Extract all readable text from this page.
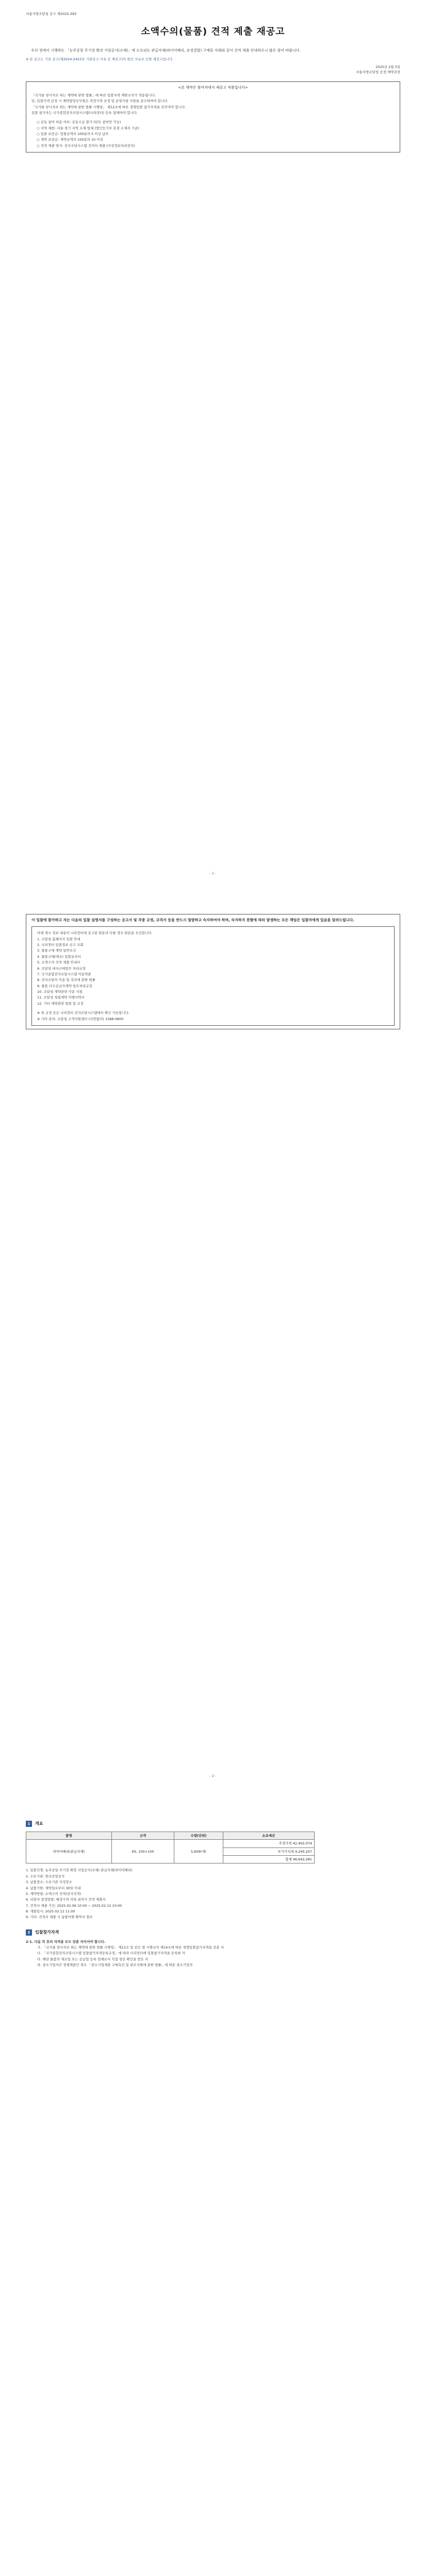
서울지방조달청 공고 제2025-393
소액수의(물품) 견적 제출 재공고
우리 청에서 시행하는 「농주공항 주기장 확장 사업공사(조체)」에 소요되는 관급자재(파이어베리, 송정결합) 구매를 아래와 같이 견적 제출 안내하오니 많은 참여 바랍니다.
※ 본 공고는 기존 공고(제2024-2453호 기관공고 사유 등 재공고)의 원인 사유로 인한 재공고입니다.
2025년 2월 5일
서울지방조달청 공정·계약과장
<본 계약은 참여자에서 재공고 적용입니다>
「국가를 당사자로 하는 계약에 관한 법률」에 따른 입찰자격 제한조치가 적용됩니다.
단, 입찰가격 산정 시 계약담당공무원은 적정가격 산정 및 운영사항 사항을 준수하여야 합니다.
「국가를 당사자로 하는 계약에 관한 법률 시행령」 제12조에 따른 경쟁입찰 참가자격을 갖추어야 합니다.
입찰 참가자는 국가종합전자조달시스템(나라장터) 등록 업체여야 합니다.
○ 공동 참여 허용 여부: 공동수급 불가 (단독 참여만 가능)
○ 지역 제한: 서울·경기 지역 소재 업체 (법인등기부 본점 소재지 기준)
○ 입찰 보증금: 입찰금액의 100분의 5 이상 납부
○ 계약 보증금: 계약금액의 100분의 10 이상
○ 견적 제출 방식: 전자조달시스템 견적서 제출 (지정정보처리장치)
- 1 -
이 입찰에 참가하고 자는 다음의 입찰 설명서를 구성하는 공고서 및 각종 규정, 규격서 등을 반드시 열람하고 숙지하여야 하며, 숙지하지 못함에 따라 발생하는 모든 책임은 입찰자에게 있음을 알려드립니다.
아래 게시 정보 내용이 나라장터에 공고된 원문과 다를 경우 원문을 우선합니다.
1. 조달청 홈페이지 입찰 안내
2. 나라장터 입찰정보 공고 조회
3. 물품구매 계약 일반조건
4. 물품구매(제조) 입찰유의서
5. 소액수의 견적 제출 안내서
6. 조달청 내자구매업무 처리규정
7. 국가종합전자조달시스템 이용약관
8. 전자조달의 이용 및 촉진에 관한 법률
9. 물품 다수공급자계약 업무처리규정
10. 조달청 계약관련 각종 지침
11. 조달청 청렴계약 이행서약서
12. 기타 계약관련 법령 및 규정
※ 위 규정 등은 나라장터 전자조달시스템에서 확인 가능합니다.
※ 기타 문의: 조달청 고객지원센터 (국번없이) 1588-0800
- 2 -
1	개요
품명	규격	수량(단위)	소요예산
파이어베리(관급자재)	KS, 100×150	5,659(개)	추정가격 42,402,074
			부가가치세 4,240,207
			합계 46,642,281
1. 입찰건명: 농주공항 주기장 확장 사업공사(조체) 관급자재(파이어베리)
2. 수요기관: 한국공항공사
3. 납품장소: 수요기관 지정장소
4. 납품기한: 계약일로부터 30일 이내
5. 계약방법: 소액수의 견적(전자견적)
6. 낙찰자 결정방법: 예정가격 이하 최저가 견적 제출자
7. 견적서 제출 기간: 2025.02.06 10:00 ~ 2025.02.12 10:00
8. 개찰일시: 2025.02.12 11:00
9. 기타: 견적서 제출 시 납품이행 확약서 첨부
2	입찰참가자격
2-1. 다음 각 호의 자격을 모두 갖춘 자이어야 합니다.
가. 「국가를 당사자로 하는 계약에 관한 법률 시행령」 제12조 및 같은 법 시행규칙 제14조에 따른 경쟁입찰참가자격을 갖춘 자
나. 「국가종합전자조달시스템 입찰참가자격등록규정」에 따라 나라장터에 입찰참가자격을 등록한 자
다. 해당 물품의 제조업 또는 공급업 등록 업체로서 직접 생산 확인을 받은 자
라. 중소기업자간 경쟁제품인 경우 「중소기업제품 구매촉진 및 판로지원에 관한 법률」에 따른 중소기업자
